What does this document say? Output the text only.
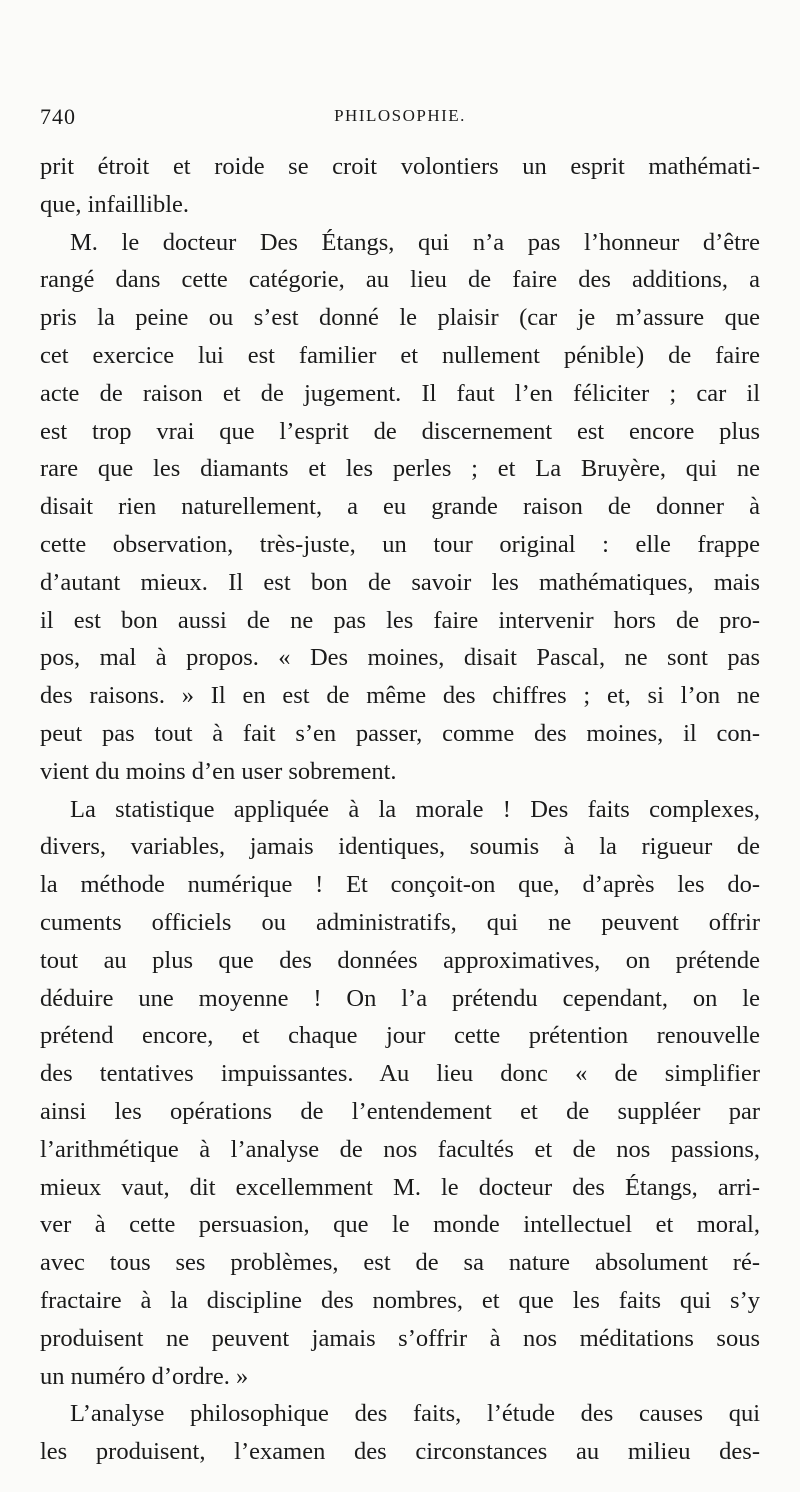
740	PHILOSOPHIE.
prit étroit et roide se croit volontiers un esprit mathémati-
que, infaillible.
M. le docteur Des Étangs, qui n’a pas l’honneur d’être
rangé dans cette catégorie, au lieu de faire des additions, a
pris la peine ou s’est donné le plaisir (car je m’assure que
cet exercice lui est familier et nullement pénible) de faire
acte de raison et de jugement. Il faut l’en féliciter ; car il
est trop vrai que l’esprit de discernement est encore plus
rare que les diamants et les perles ; et La Bruyère, qui ne
disait rien naturellement, a eu grande raison de donner à
cette observation, très-juste, un tour original : elle frappe
d’autant mieux. Il est bon de savoir les mathématiques, mais
il est bon aussi de ne pas les faire intervenir hors de pro-
pos, mal à propos. « Des moines, disait Pascal, ne sont pas
des raisons. » Il en est de même des chiffres ; et, si l’on ne
peut pas tout à fait s’en passer, comme des moines, il con-
vient du moins d’en user sobrement.
La statistique appliquée à la morale ! Des faits complexes,
divers, variables, jamais identiques, soumis à la rigueur de
la méthode numérique ! Et conçoit-on que, d’après les do-
cuments officiels ou administratifs, qui ne peuvent offrir
tout au plus que des données approximatives, on prétende
déduire une moyenne ! On l’a prétendu cependant, on le
prétend encore, et chaque jour cette prétention renouvelle
des tentatives impuissantes. Au lieu donc « de simplifier
ainsi les opérations de l’entendement et de suppléer par
l’arithmétique à l’analyse de nos facultés et de nos passions,
mieux vaut, dit excellemment M. le docteur des Étangs, arri-
ver à cette persuasion, que le monde intellectuel et moral,
avec tous ses problèmes, est de sa nature absolument ré-
fractaire à la discipline des nombres, et que les faits qui s’y
produisent ne peuvent jamais s’offrir à nos méditations sous
un numéro d’ordre. »
L’analyse philosophique des faits, l’étude des causes qui
les produisent, l’examen des circonstances au milieu des-
